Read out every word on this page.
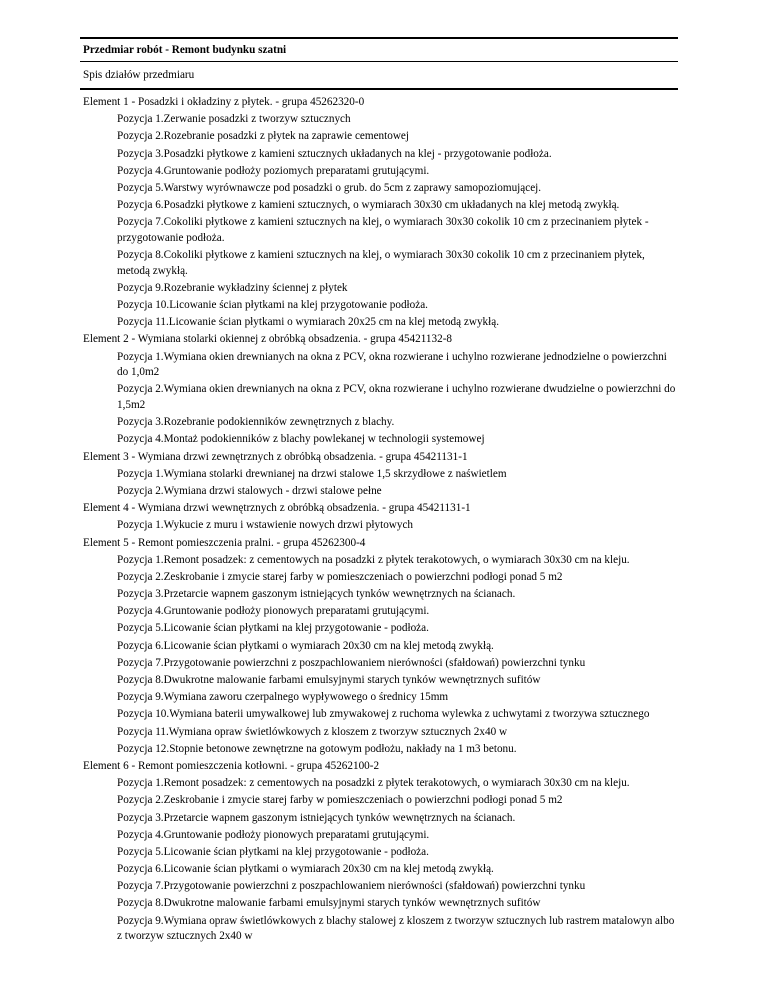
Przedmiar robót - Remont budynku szatni
Spis działów przedmiaru
Element 1 - Posadzki i okładziny z płytek. - grupa 45262320-0
Pozycja 1.Zerwanie posadzki z tworzyw sztucznych
Pozycja 2.Rozebranie posadzki z płytek na zaprawie cementowej
Pozycja 3.Posadzki płytkowe z kamieni sztucznych układanych na klej - przygotowanie podłoża.
Pozycja 4.Gruntowanie podłoży poziomych preparatami grutującymi.
Pozycja 5.Warstwy wyrównawcze pod posadzki o grub. do 5cm z zaprawy samopoziomującej.
Pozycja 6.Posadzki płytkowe z kamieni sztucznych, o wymiarach 30x30 cm układanych na klej metodą zwykłą.
Pozycja 7.Cokoliki płytkowe z kamieni sztucznych na klej, o wymiarach 30x30 cokolik 10 cm z przecinaniem płytek - przygotowanie podłoża.
Pozycja 8.Cokoliki płytkowe z kamieni sztucznych na klej, o wymiarach 30x30 cokolik 10 cm z przecinaniem płytek, metodą zwykłą.
Pozycja 9.Rozebranie wykładziny ściennej z płytek
Pozycja 10.Licowanie ścian płytkami na klej przygotowanie podłoża.
Pozycja 11.Licowanie ścian płytkami o wymiarach 20x25 cm na klej metodą zwykłą.
Element 2 - Wymiana stolarki okiennej z obróbką obsadzenia. - grupa 45421132-8
Pozycja 1.Wymiana okien drewnianych na okna z PCV, okna rozwierane i uchylno rozwierane jednodzielne o powierzchni do 1,0m2
Pozycja 2.Wymiana okien drewnianych na okna z PCV, okna rozwierane i uchylno rozwierane dwudzielne o powierzchni do 1,5m2
Pozycja 3.Rozebranie podokienników zewnętrznych z blachy.
Pozycja 4.Montaż podokienników z blachy powlekanej w technologii systemowej
Element 3 - Wymiana drzwi zewnętrznych z obróbką obsadzenia. - grupa 45421131-1
Pozycja 1.Wymiana stolarki drewnianej na drzwi stalowe 1,5 skrzydłowe z naświetlem
Pozycja 2.Wymiana drzwi stalowych - drzwi stalowe pełne
Element 4 - Wymiana drzwi wewnętrznych z obróbką obsadzenia. - grupa 45421131-1
Pozycja 1.Wykucie z muru i wstawienie nowych drzwi płytowych
Element 5 - Remont pomieszczenia pralni. - grupa 45262300-4
Pozycja 1.Remont posadzek: z cementowych na posadzki z płytek terakotowych, o wymiarach 30x30 cm na kleju.
Pozycja 2.Zeskrobanie i zmycie starej farby w pomieszczeniach o powierzchni podłogi ponad 5 m2
Pozycja 3.Przetarcie wapnem gaszonym istniejących tynków wewnętrznych na ścianach.
Pozycja 4.Gruntowanie podłoży pionowych preparatami grutującymi.
Pozycja 5.Licowanie ścian płytkami na klej przygotowanie - podłoża.
Pozycja 6.Licowanie ścian płytkami o wymiarach 20x30 cm na klej metodą zwykłą.
Pozycja 7.Przygotowanie powierzchni z poszpachlowaniem nierówności (sfałdowań) powierzchni tynku
Pozycja 8.Dwukrotne malowanie farbami emulsyjnymi starych tynków wewnętrznych sufitów
Pozycja 9.Wymiana zaworu czerpalnego wypływowego o średnicy 15mm
Pozycja 10.Wymiana baterii umywalkowej lub zmywakowej z ruchoma wylewka z uchwytami z tworzywa sztucznego
Pozycja 11.Wymiana opraw świetlówkowych z kloszem z tworzyw sztucznych 2x40 w
Pozycja 12.Stopnie betonowe zewnętrzne na gotowym podłożu, nakłady na 1 m3 betonu.
Element 6 - Remont pomieszczenia kotłowni. - grupa 45262100-2
Pozycja 1.Remont posadzek: z cementowych na posadzki z płytek terakotowych, o wymiarach 30x30 cm na kleju.
Pozycja 2.Zeskrobanie i zmycie starej farby w pomieszczeniach o powierzchni podłogi ponad 5 m2
Pozycja 3.Przetarcie wapnem gaszonym istniejących tynków wewnętrznych na ścianach.
Pozycja 4.Gruntowanie podłoży pionowych preparatami grutującymi.
Pozycja 5.Licowanie ścian płytkami na klej przygotowanie - podłoża.
Pozycja 6.Licowanie ścian płytkami o wymiarach 20x30 cm na klej metodą zwykłą.
Pozycja 7.Przygotowanie powierzchni z poszpachlowaniem nierówności (sfałdowań) powierzchni tynku
Pozycja 8.Dwukrotne malowanie farbami emulsyjnymi starych tynków wewnętrznych sufitów
Pozycja 9.Wymiana opraw świetlówkowych z blachy stalowej z kloszem z tworzyw sztucznych lub rastrem matalowyn albo z tworzyw sztucznych 2x40 w
